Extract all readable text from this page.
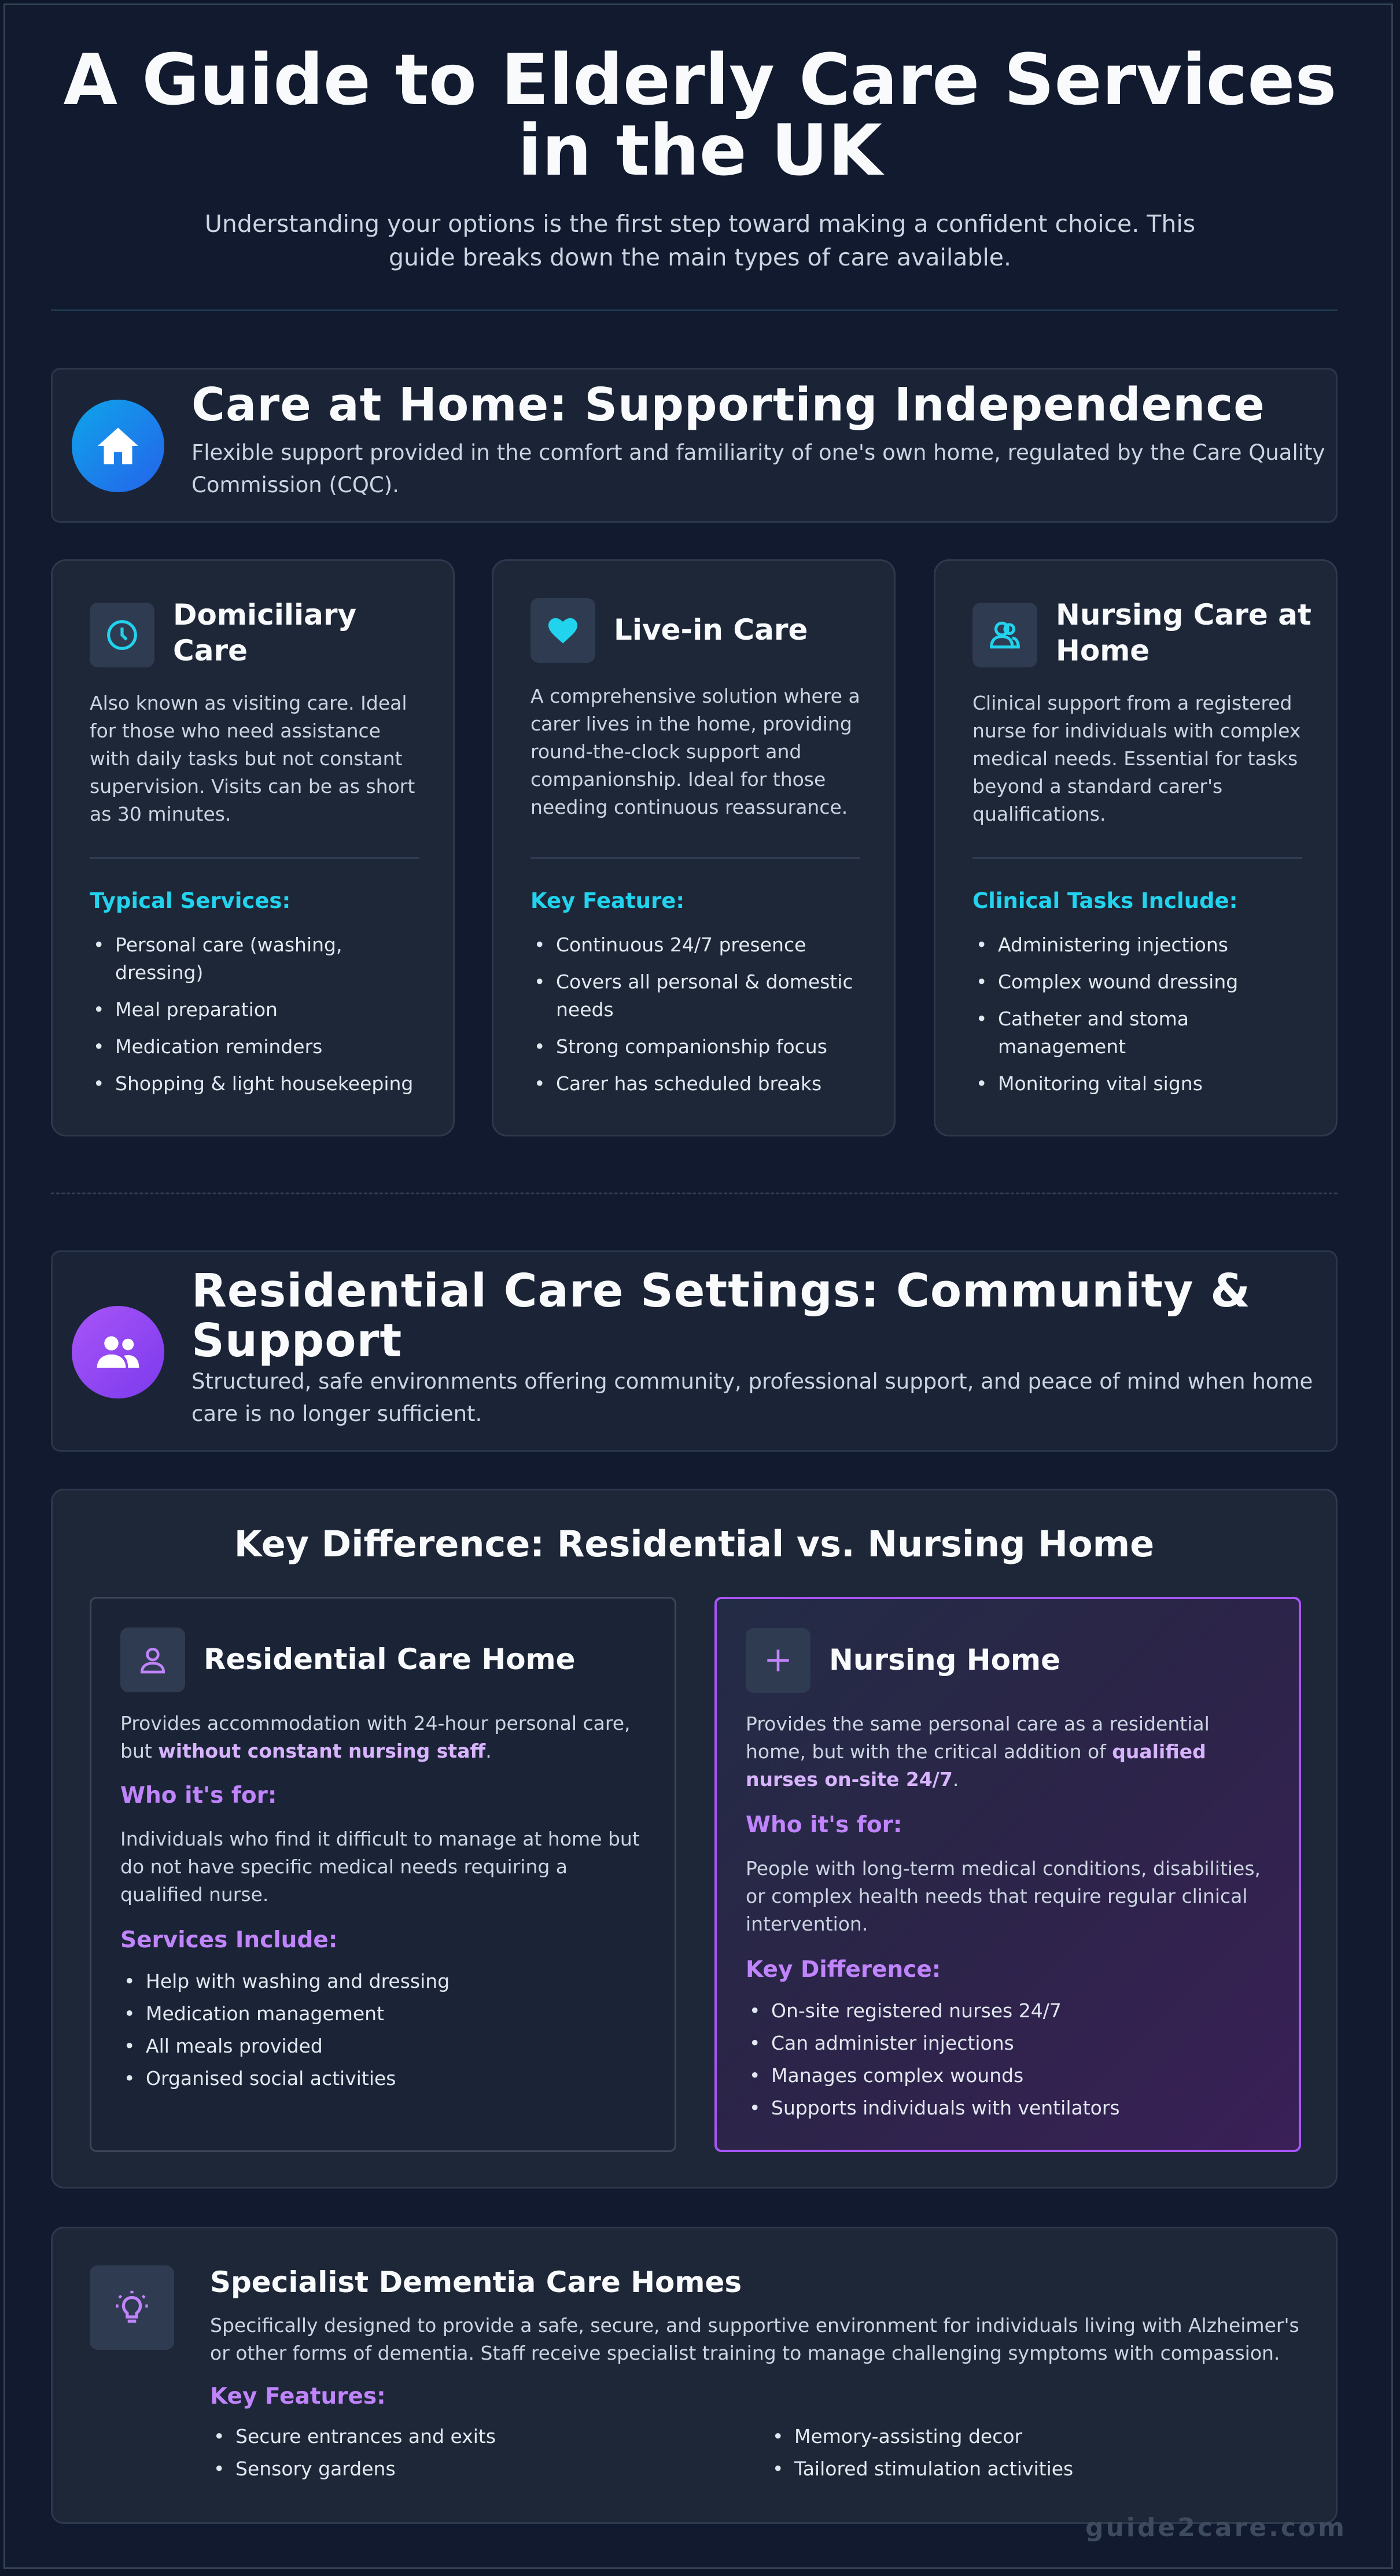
A Guide to Elderly Care Services
in the UK
Understanding your options is the first step toward making a confident choice. This guide breaks down the main types of care available.
Care at Home: Supporting Independence
Flexible support provided in the comfort and familiarity of one's own home, regulated by the Care Quality Commission (CQC).
Domiciliary Care
Also known as visiting care. Ideal for those who need assistance with daily tasks but not constant supervision. Visits can be as short as 30 minutes.
Typical Services:
• Personal care (washing, dressing)
• Meal preparation
• Medication reminders
• Shopping & light housekeeping
Live-in Care
A comprehensive solution where a carer lives in the home, providing round-the-clock support and companionship. Ideal for those needing continuous reassurance.
Key Feature:
• Continuous 24/7 presence
• Covers all personal & domestic needs
• Strong companionship focus
• Carer has scheduled breaks
Nursing Care at Home
Clinical support from a registered nurse for individuals with complex medical needs. Essential for tasks beyond a standard carer's qualifications.
Clinical Tasks Include:
• Administering injections
• Complex wound dressing
• Catheter and stoma management
• Monitoring vital signs
Residential Care Settings: Community & Support
Structured, safe environments offering community, professional support, and peace of mind when home care is no longer sufficient.
Key Difference: Residential vs. Nursing Home
Residential Care Home
Provides accommodation with 24-hour personal care, but without constant nursing staff.
Who it's for:
Individuals who find it difficult to manage at home but do not have specific medical needs requiring a qualified nurse.
Services Include:
• Help with washing and dressing
• Medication management
• All meals provided
• Organised social activities
Nursing Home
Provides the same personal care as a residential home, but with the critical addition of qualified nurses on-site 24/7.
Who it's for:
People with long-term medical conditions, disabilities, or complex health needs that require regular clinical intervention.
Key Difference:
• On-site registered nurses 24/7
• Can administer injections
• Manages complex wounds
• Supports individuals with ventilators
Specialist Dementia Care Homes
Specifically designed to provide a safe, secure, and supportive environment for individuals living with Alzheimer's or other forms of dementia. Staff receive specialist training to manage challenging symptoms with compassion.
Key Features:
• Secure entrances and exits
• Sensory gardens
• Memory-assisting decor
• Tailored stimulation activities
guide2care.com
